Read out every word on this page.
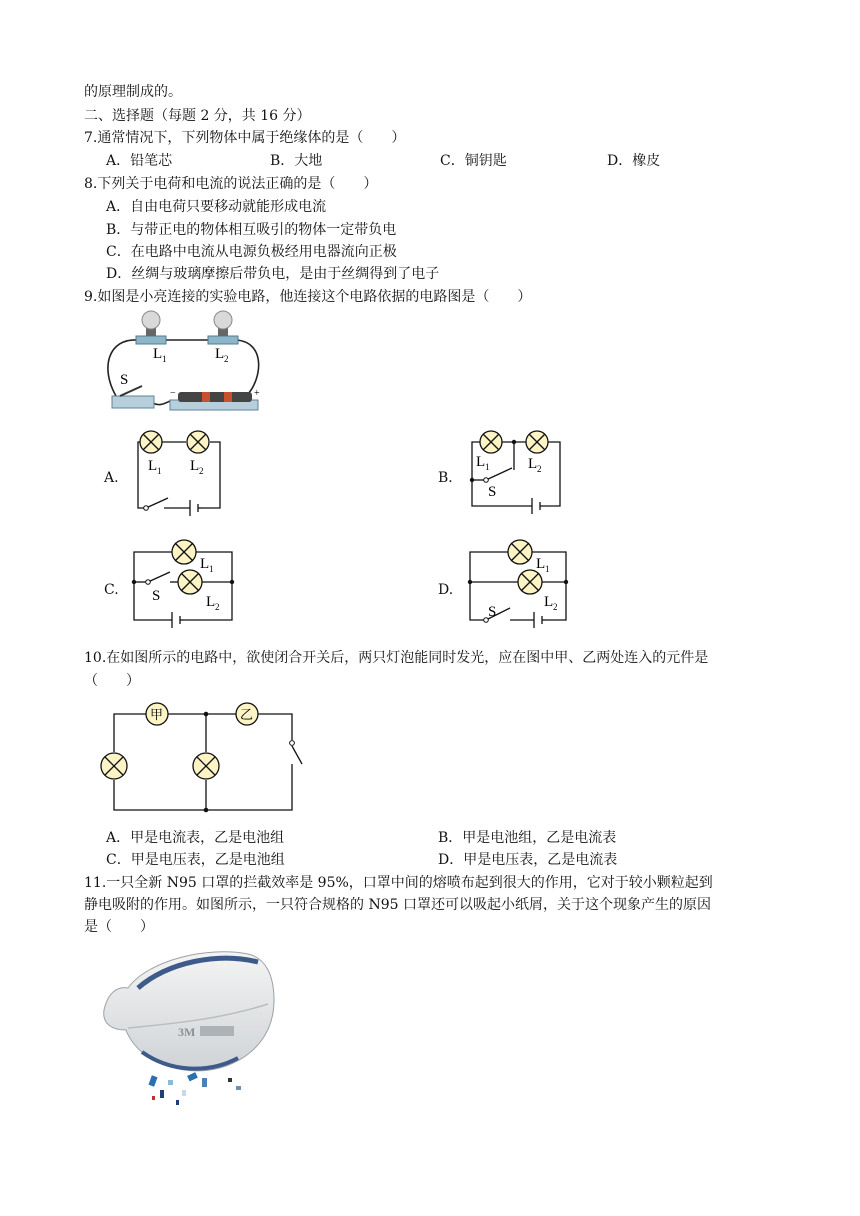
的原理制成的。
二、选择题（每题 2 分，共 16 分）
7.通常情况下，下列物体中属于绝缘体的是（　　）
A．铅笔芯	B．大地	C．铜钥匙	D．橡皮
8.下列关于电荷和电流的说法正确的是（　　）
A．自由电荷只要移动就能形成电流
B．与带正电的物体相互吸引的物体一定带负电
C．在电路中电流从电源负极经用电器流向正极
D．丝绸与玻璃摩擦后带负电，是由于丝绸得到了电子
9.如图是小亮连接的实验电路，他连接这个电路依据的电路图是（　　）
L 1	L 2
S
−	+
A.
L 1 L 2	B.
L 1	L 2
S
C.
L 1
L 2
S	D.
L 1
L 2
S
10.在如图所示的电路中，欲使闭合开关后，两只灯泡能同时发光，应在图中甲、乙两处连入的元件是
（　　）
甲	乙
A．甲是电流表，乙是电池组	B．甲是电池组，乙是电流表
C．甲是电压表，乙是电池组	D．甲是电压表，乙是电流表
11.一只全新 N95 口罩的拦截效率是 95%，口罩中间的熔喷布起到很大的作用，它对于较小颗粒起到
静电吸附的作用。如图所示，一只符合规格的 N95 口罩还可以吸起小纸屑，关于这个现象产生的原因
是（　　）
3M
